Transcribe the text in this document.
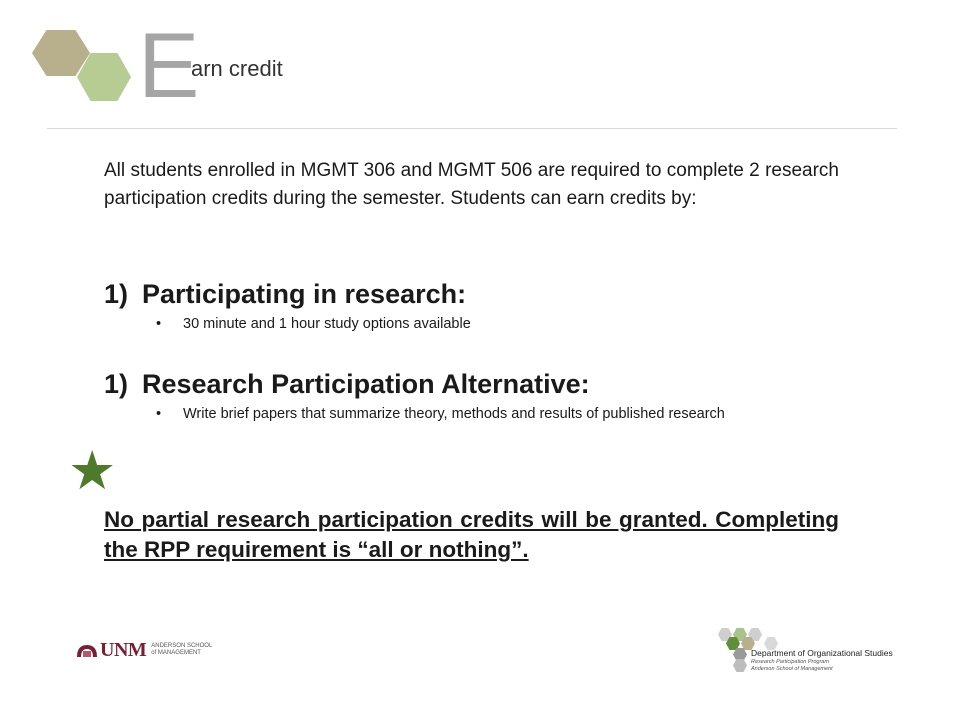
E
arn credit
All students enrolled in MGMT 306 and MGMT 506 are required to complete 2 research participation credits during the semester. Students can earn credits by:
1) Participating in research:
• 30 minute and 1 hour study options available
1) Research Participation Alternative:
• Write brief papers that summarize theory, methods and results of published research
★
No partial research participation credits will be granted. Completing the RPP requirement is “all or nothing”.
UNM ANDERSON SCHOOL of MANAGEMENT	Department of Organizational Studies
Research Participation Program
Anderson School of Management
